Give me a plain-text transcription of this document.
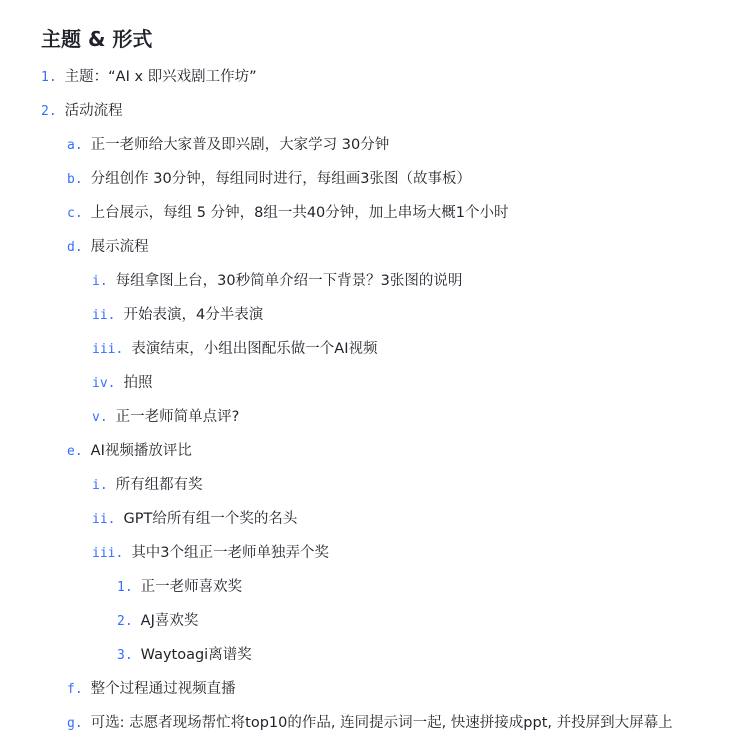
主题 & 形式
1. 主题：“AI x 即兴戏剧工作坊”
2. 活动流程
a. 正一老师给大家普及即兴剧，大家学习 30分钟
b. 分组创作 30分钟，每组同时进行，每组画3张图（故事板）
c. 上台展示，每组 5 分钟，8组一共40分钟，加上串场大概1个小时
d. 展示流程
i. 每组拿图上台，30秒简单介绍一下背景？3张图的说明
ii. 开始表演，4分半表演
iii. 表演结束，小组出图配乐做一个AI视频
iv. 拍照
v. 正一老师简单点评?
e. AI视频播放评比
i. 所有组都有奖
ii. GPT给所有组一个奖的名头
iii. 其中3个组正一老师单独弄个奖
1. 正一老师喜欢奖
2. AJ喜欢奖
3. Waytoagi离谱奖
f. 整个过程通过视频直播
g. 可选: 志愿者现场帮忙将top10的作品, 连同提示词一起, 快速拼接成ppt, 并投屏到大屏幕上
